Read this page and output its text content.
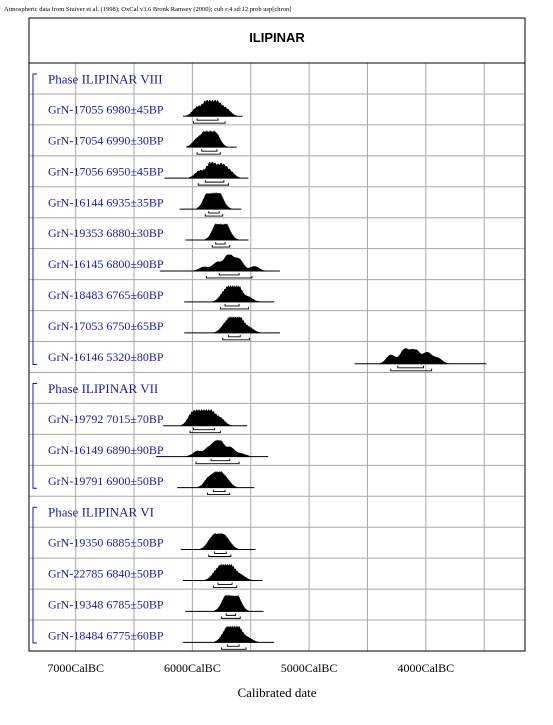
Atmospheric data from Stuiver et al. (1998); OxCal v3.6 Bronk Ramsey (2000); cub r:4 sd:12 prob usp[chron]
ILIPINAR
Phase ILIPINAR VIII
GrN-17055 6980±45BP
GrN-17054 6990±30BP
GrN-17056 6950±45BP
GrN-16144 6935±35BP
GrN-19353 6880±30BP
GrN-16145 6800±90BP
GrN-18483 6765±60BP
GrN-17053 6750±65BP
GrN-16146 5320±80BP
Phase ILIPINAR VII
GrN-19792 7015±70BP
GrN-16149 6890±90BP
GrN-19791 6900±50BP
Phase ILIPINAR VI
GrN-19350 6885±50BP
GrN-22785 6840±50BP
GrN-19348 6785±50BP
GrN-18484 6775±60BP
7000CalBC	6000CalBC	5000CalBC	4000CalBC
Calibrated date
